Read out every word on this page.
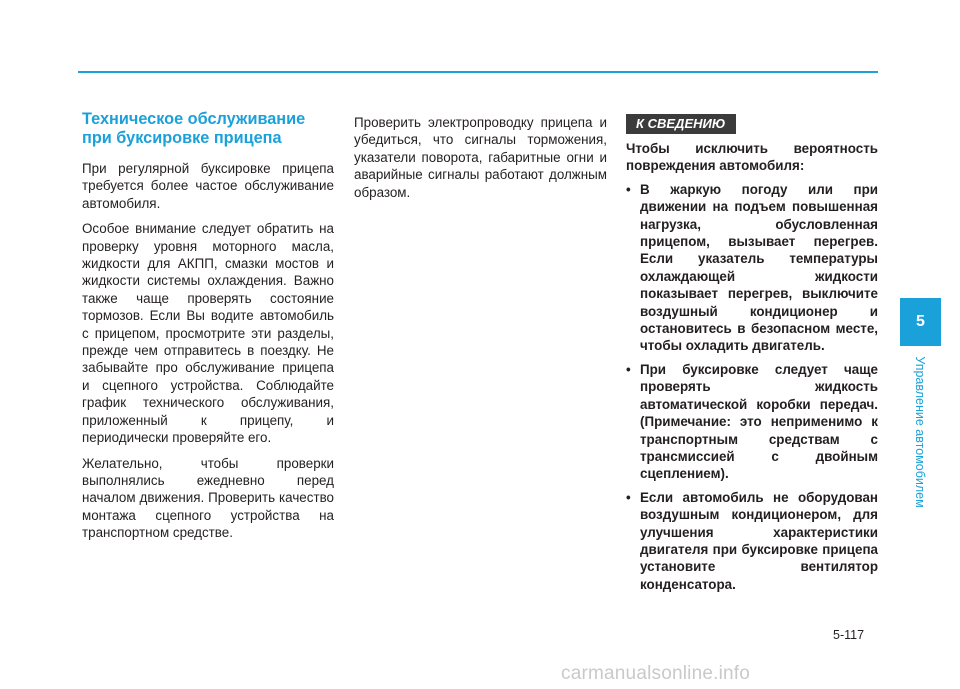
Техническое обслуживание при буксировке прицепа

При регулярной буксировке прицепа требуется более частое обслуживание автомобиля.

Особое внимание следует обратить на проверку уровня моторного масла, жидкости для АКПП, смазки мостов и жидкости системы охлаждения. Важно также чаще проверять состояние тормозов. Если Вы водите автомобиль с прицепом, просмотрите эти разделы, прежде чем отправитесь в поездку. Не забывайте про обслуживание прицепа и сцепного устройства. Соблюдайте график технического обслуживания, приложенный к прицепу, и периодически проверяйте его.

Желательно, чтобы проверки выполнялись ежедневно перед началом движения. Проверить качество монтажа сцепного устройства на транспортном средстве.

Проверить электропроводку прицепа и убедиться, что сигналы торможения, указатели поворота, габаритные огни и аварийные сигналы работают должным образом.

К СВЕДЕНИЮ

Чтобы исключить вероятность повреждения автомобиля:

• В жаркую погоду или при движении на подъем повышенная нагрузка, обусловленная прицепом, вызывает перегрев. Если указатель температуры охлаждающей жидкости показывает перегрев, выключите воздушный кондиционер и остановитесь в безопасном месте, чтобы охладить двигатель.
• При буксировке следует чаще проверять жидкость автоматической коробки передач. (Примечание: это неприменимо к транспортным средствам с трансмиссией с двойным сцеплением).
• Если автомобиль не оборудован воздушным кондиционером, для улучшения характеристики двигателя при буксировке прицепа установите вентилятор конденсатора.
5
Управление автомобилем
5-117
carmanualsonline.info
